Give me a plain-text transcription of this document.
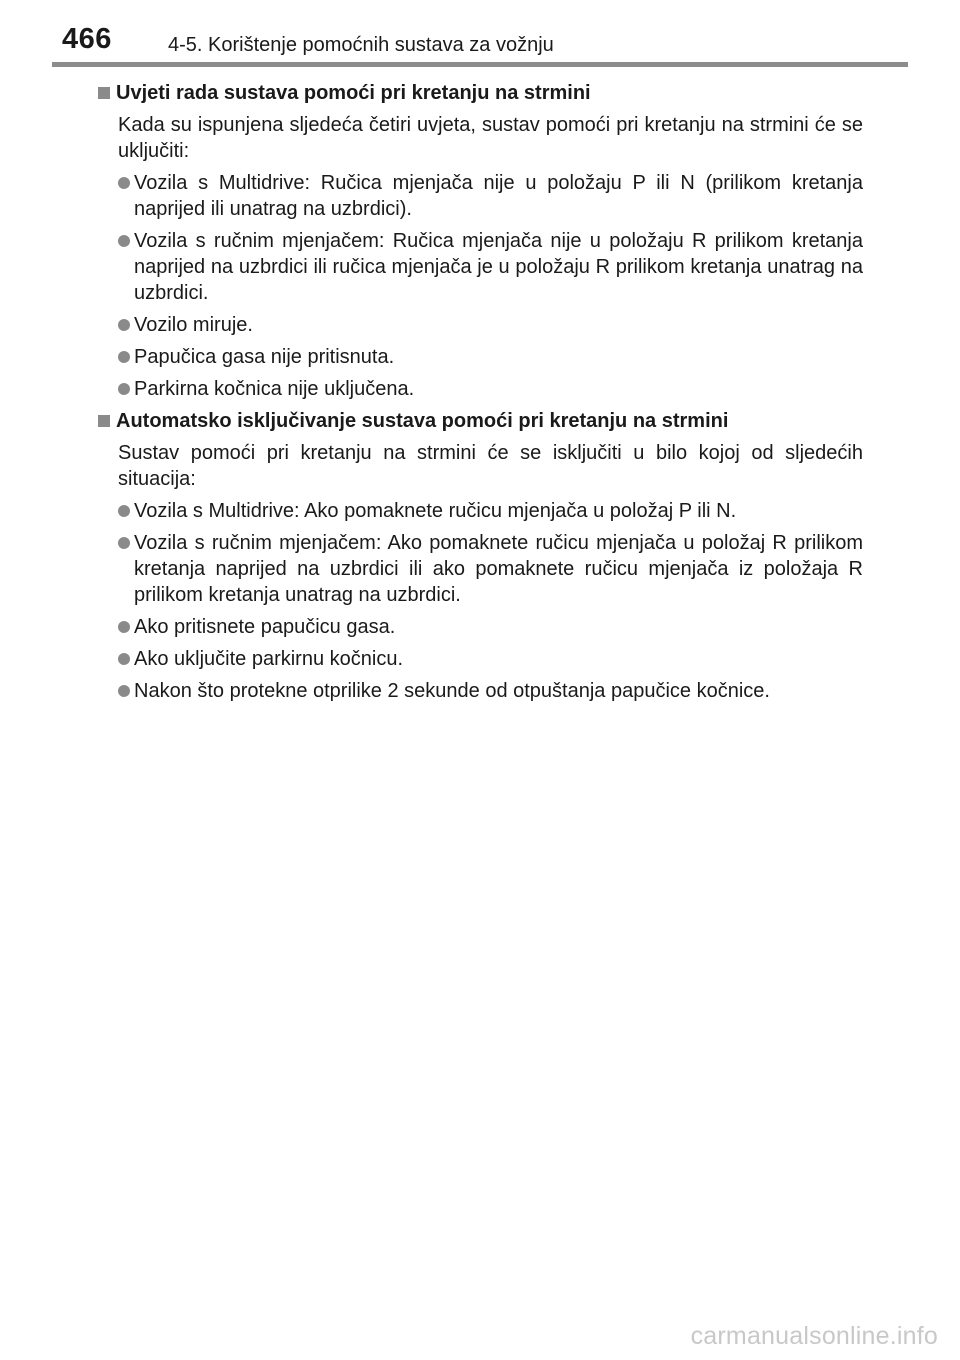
466	4-5. Korištenje pomoćnih sustava za vožnju
Uvjeti rada sustava pomoći pri kretanju na strmini

Kada su ispunjena sljedeća četiri uvjeta, sustav pomoći pri kretanju na strmini će se uključiti:

Vozila s Multidrive: Ručica mjenjača nije u položaju P ili N (prilikom kretanja naprijed ili unatrag na uzbrdici).
Vozila s ručnim mjenjačem: Ručica mjenjača nije u položaju R prilikom kretanja naprijed na uzbrdici ili ručica mjenjača je u položaju R prilikom kretanja unatrag na uzbrdici.
Vozilo miruje.
Papučica gasa nije pritisnuta.
Parkirna kočnica nije uključena.
Automatsko isključivanje sustava pomoći pri kretanju na strmini

Sustav pomoći pri kretanju na strmini će se isključiti u bilo kojoj od sljedećih situacija:

Vozila s Multidrive: Ako pomaknete ručicu mjenjača u položaj P ili N.
Vozila s ručnim mjenjačem: Ako pomaknete ručicu mjenjača u položaj R prilikom kretanja naprijed na uzbrdici ili ako pomaknete ručicu mjenjača iz položaja R prilikom kretanja unatrag na uzbrdici.
Ako pritisnete papučicu gasa.
Ako uključite parkirnu kočnicu.
Nakon što protekne otprilike 2 sekunde od otpuštanja papučice kočnice.
carmanualsonline.info
